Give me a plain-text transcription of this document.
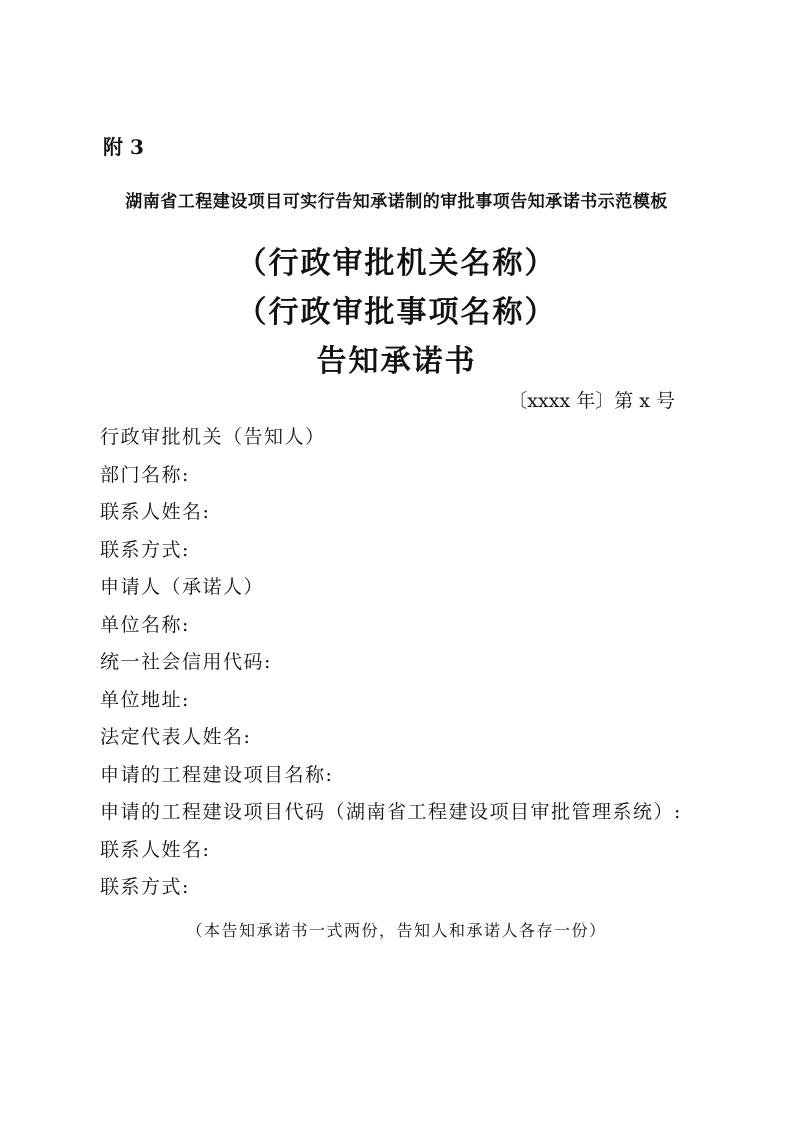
附 3
湖南省工程建设项目可实行告知承诺制的审批事项告知承诺书示范模板
（行政审批机关名称）
（行政审批事项名称）
告知承诺书
〔xxxx 年〕第 x 号
行政审批机关（告知人）
部门名称:
联系人姓名:
联系方式:
申请人（承诺人）
单位名称:
统一社会信用代码:
单位地址:
法定代表人姓名:
申请的工程建设项目名称:
申请的工程建设项目代码（湖南省工程建设项目审批管理系统）:
联系人姓名:
联系方式:
（本告知承诺书一式两份，告知人和承诺人各存一份）
